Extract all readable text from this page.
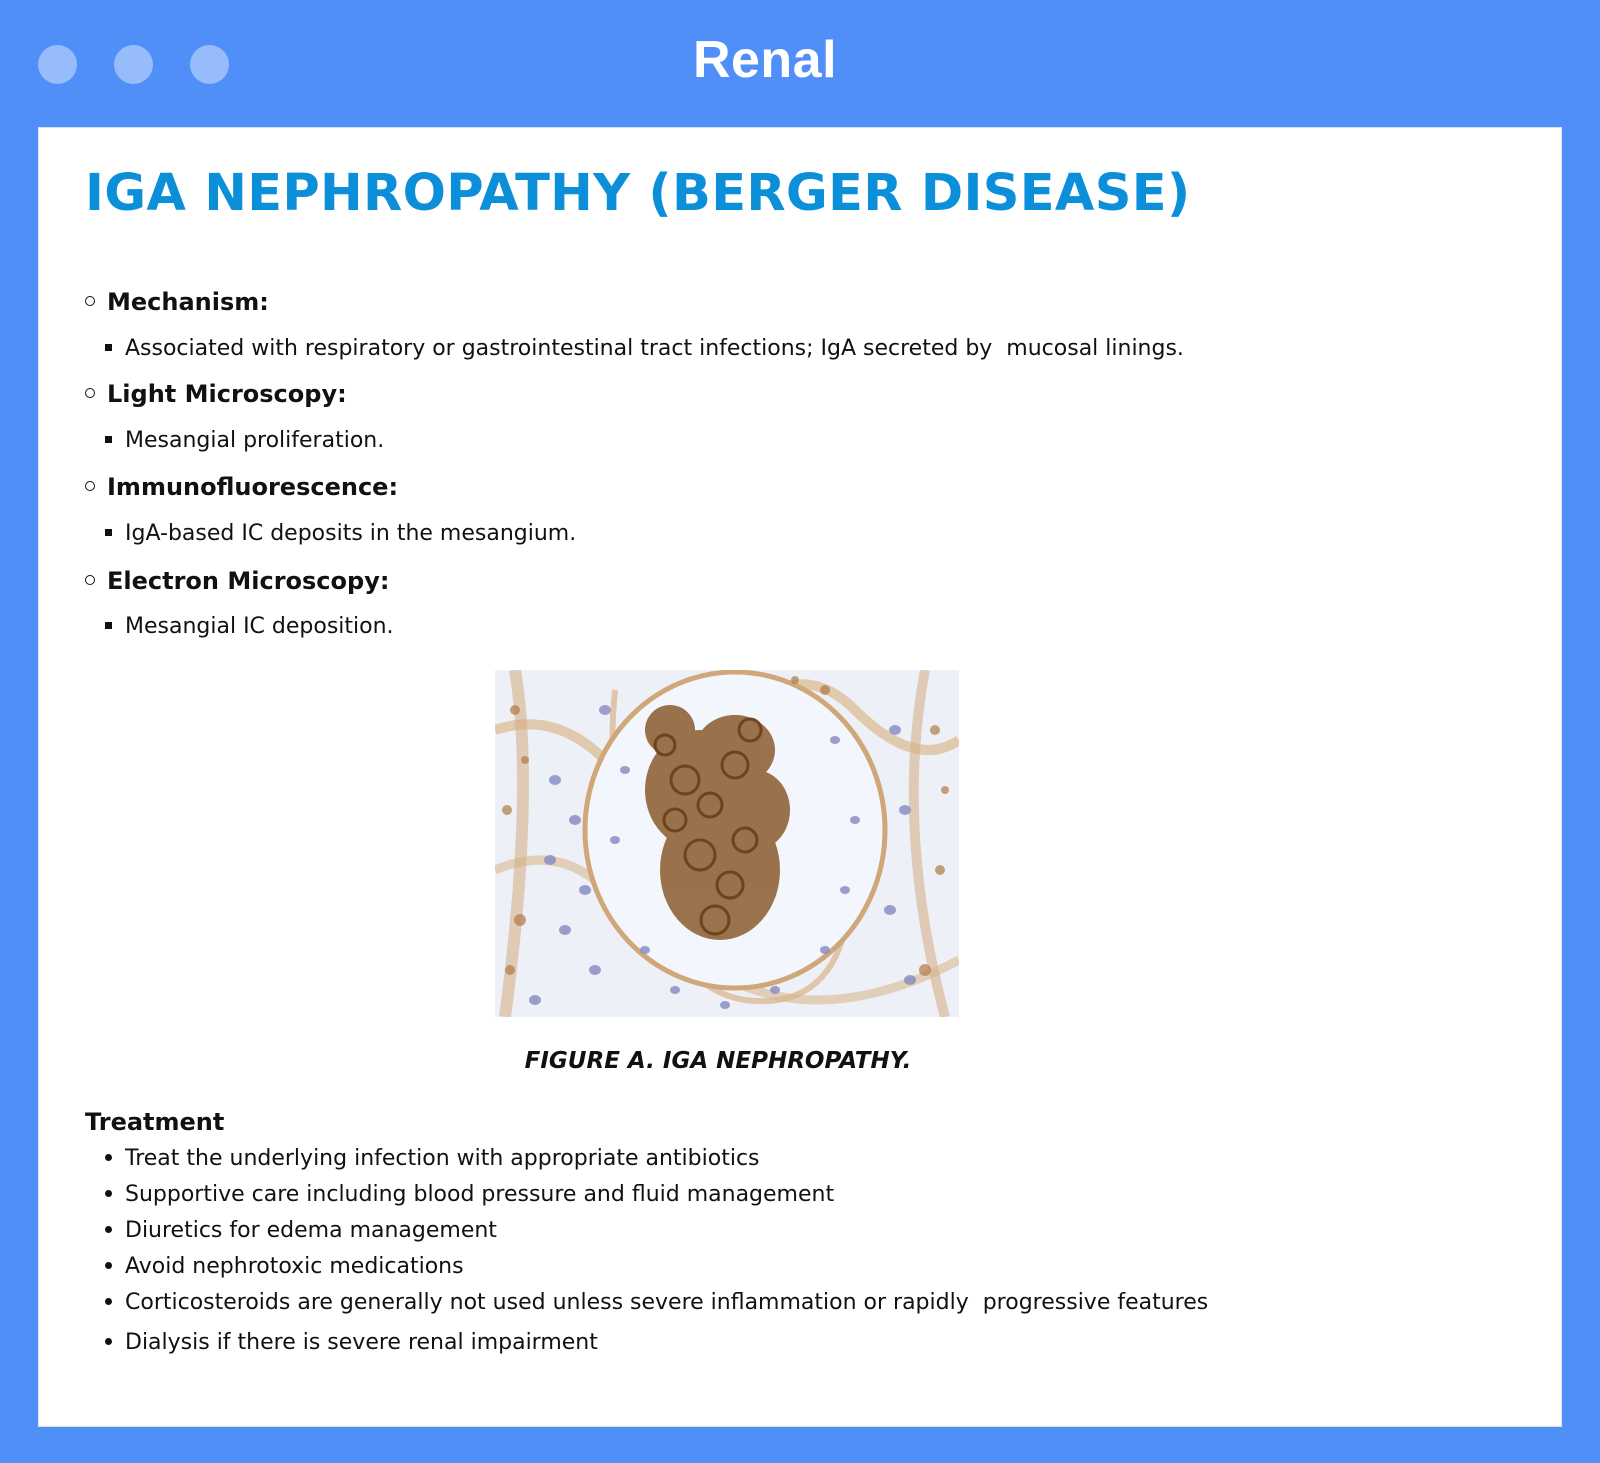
Renal
IGA NEPHROPATHY (BERGER DISEASE)
Mechanism:
Associated with respiratory or gastrointestinal tract infections; IgA secreted by  mucosal linings.
Light Microscopy:
Mesangial proliferation.
Immunofluorescence:
IgA-based IC deposits in the mesangium.
Electron Microscopy:
Mesangial IC deposition.
FIGURE A. IGA NEPHROPATHY.
Treatment
Treat the underlying infection with appropriate antibiotics
Supportive care including blood pressure and fluid management
Diuretics for edema management
Avoid nephrotoxic medications
Corticosteroids are generally not used unless severe inflammation or rapidly  progressive features
Dialysis if there is severe renal impairment
